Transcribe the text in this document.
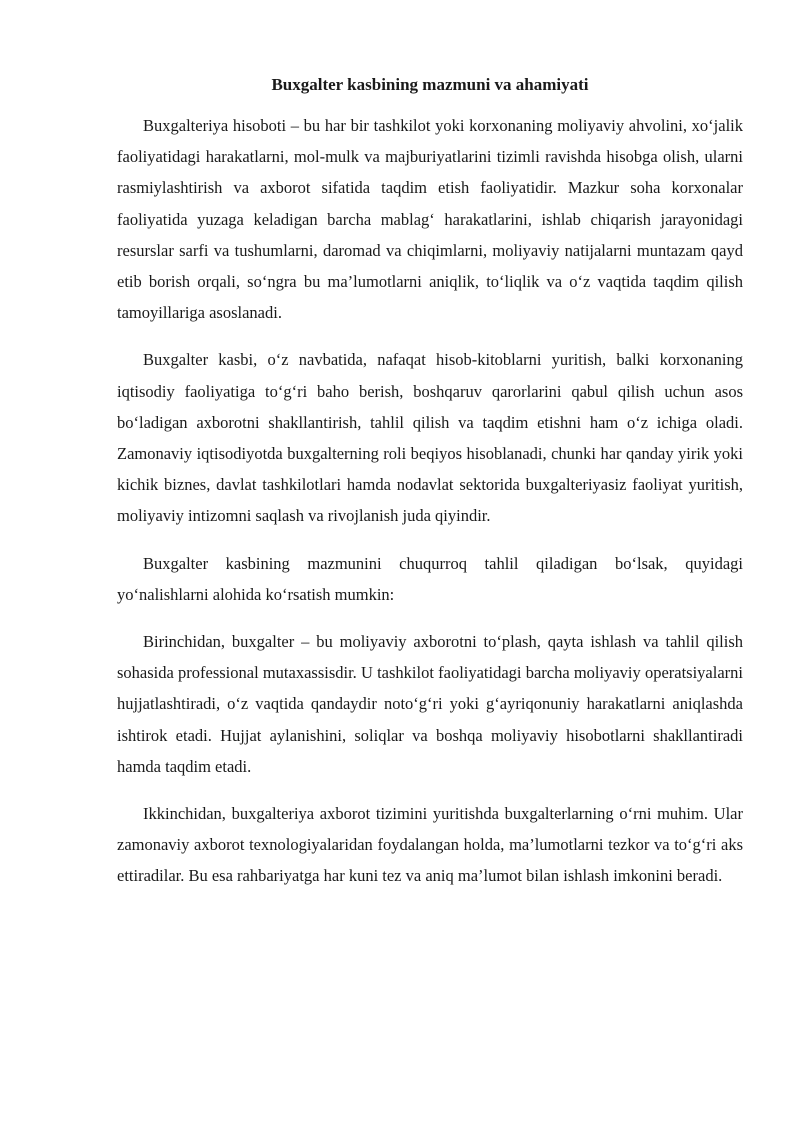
Buxgalter kasbining mazmuni va ahamiyati

Buxgalteriya hisoboti – bu har bir tashkilot yoki korxonaning moliyaviy ahvolini, xo‘jalik faoliyatidagi harakatlarni, mol-mulk va majburiyatlarini tizimli ravishda hisobga olish, ularni rasmiylashtirish va axborot sifatida taqdim etish faoliyatidir. Mazkur soha korxonalar faoliyatida yuzaga keladigan barcha mablag‘ harakatlarini, ishlab chiqarish jarayonidagi resurslar sarfi va tushumlarni, daromad va chiqimlarni, moliyaviy natijalarni muntazam qayd etib borish orqali, so‘ngra bu ma’lumotlarni aniqlik, to‘liqlik va o‘z vaqtida taqdim qilish tamoyillariga asoslanadi.

Buxgalter kasbi, o‘z navbatida, nafaqat hisob-kitoblarni yuritish, balki korxonaning iqtisodiy faoliyatiga to‘g‘ri baho berish, boshqaruv qarorlarini qabul qilish uchun asos bo‘ladigan axborotni shakllantirish, tahlil qilish va taqdim etishni ham o‘z ichiga oladi. Zamonaviy iqtisodiyotda buxgalterning roli beqiyos hisoblanadi, chunki har qanday yirik yoki kichik biznes, davlat tashkilotlari hamda nodavlat sektorida buxgalteriyasiz faoliyat yuritish, moliyaviy intizomni saqlash va rivojlanish juda qiyindir.

Buxgalter kasbining mazmunini chuqurroq tahlil qiladigan bo‘lsak, quyidagi yo‘nalishlarni alohida ko‘rsatish mumkin:

Birinchidan, buxgalter – bu moliyaviy axborotni to‘plash, qayta ishlash va tahlil qilish sohasida professional mutaxassisdir. U tashkilot faoliyatidagi barcha moliyaviy operatsiyalarni hujjatlashtiradi, o‘z vaqtida qandaydir noto‘g‘ri yoki g‘ayriqonuniy harakatlarni aniqlashda ishtirok etadi. Hujjat aylanishini, soliqlar va boshqa moliyaviy hisobotlarni shakllantiradi hamda taqdim etadi.

Ikkinchidan, buxgalteriya axborot tizimini yuritishda buxgalterlarning o‘rni muhim. Ular zamonaviy axborot texnologiyalaridan foydalangan holda, ma’lumotlarni tezkor va to‘g‘ri aks ettiradilar. Bu esa rahbariyatga har kuni tez va aniq ma’lumot bilan ishlash imkonini beradi.
